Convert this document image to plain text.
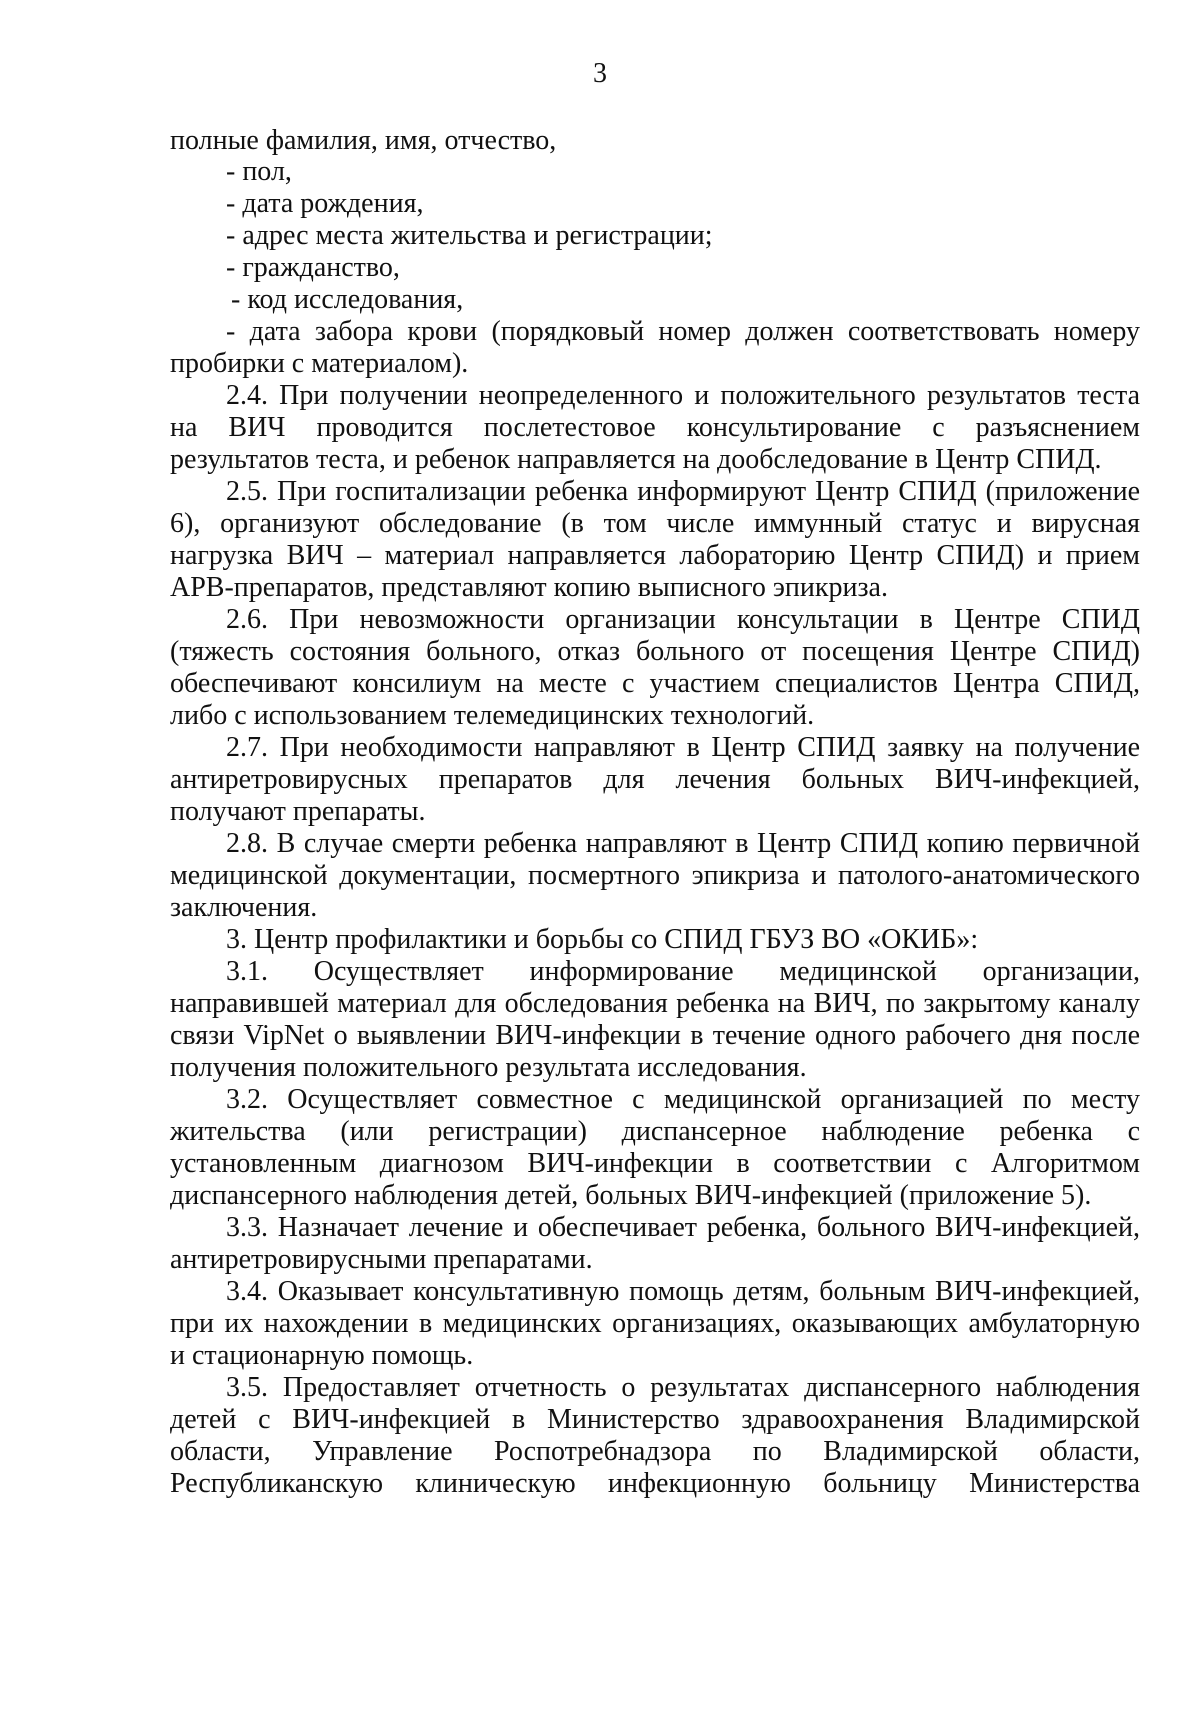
3
полные фамилия, имя, отчество,
- пол,
- дата рождения,
- адрес места жительства и регистрации;
- гражданство,
- код исследования,
- дата забора крови (порядковый номер должен соответствовать номеру
пробирки с материалом).
2.4. При получении неопределенного и положительного результатов теста
на ВИЧ проводится послетестовое консультирование с разъяснением
результатов теста, и ребенок направляется на дообследование в Центр СПИД.
2.5. При госпитализации ребенка информируют Центр СПИД (приложение
6), организуют обследование (в том числе иммунный статус и вирусная
нагрузка ВИЧ – материал направляется лабораторию Центр СПИД) и прием
АРВ-препаратов, представляют копию выписного эпикриза.
2.6. При невозможности организации консультации в Центре СПИД
(тяжесть состояния больного, отказ больного от посещения Центре СПИД)
обеспечивают консилиум на месте с участием специалистов Центра СПИД,
либо с использованием телемедицинских технологий.
2.7. При необходимости направляют в Центр СПИД заявку на получение
антиретровирусных препаратов для лечения больных ВИЧ-инфекцией,
получают препараты.
2.8. В случае смерти ребенка направляют в Центр СПИД копию первичной
медицинской документации, посмертного эпикриза и патолого-анатомического
заключения.
3. Центр профилактики и борьбы со СПИД ГБУЗ ВО «ОКИБ»:
3.1. Осуществляет информирование медицинской организации,
направившей материал для обследования ребенка на ВИЧ, по закрытому каналу
связи VipNet о выявлении ВИЧ-инфекции в течение одного рабочего дня после
получения положительного результата исследования.
3.2. Осуществляет совместное с медицинской организацией по месту
жительства (или регистрации) диспансерное наблюдение ребенка с
установленным диагнозом ВИЧ-инфекции в соответствии с Алгоритмом
диспансерного наблюдения детей, больных ВИЧ-инфекцией (приложение 5).
3.3. Назначает лечение и обеспечивает ребенка, больного ВИЧ-инфекцией,
антиретровирусными препаратами.
3.4. Оказывает консультативную помощь детям, больным ВИЧ-инфекцией,
при их нахождении в медицинских организациях, оказывающих амбулаторную
и стационарную помощь.
3.5. Предоставляет отчетность о результатах диспансерного наблюдения
детей с ВИЧ-инфекцией в Министерство здравоохранения Владимирской
области, Управление Роспотребнадзора по Владимирской области,
Республиканскую клиническую инфекционную больницу Министерства
